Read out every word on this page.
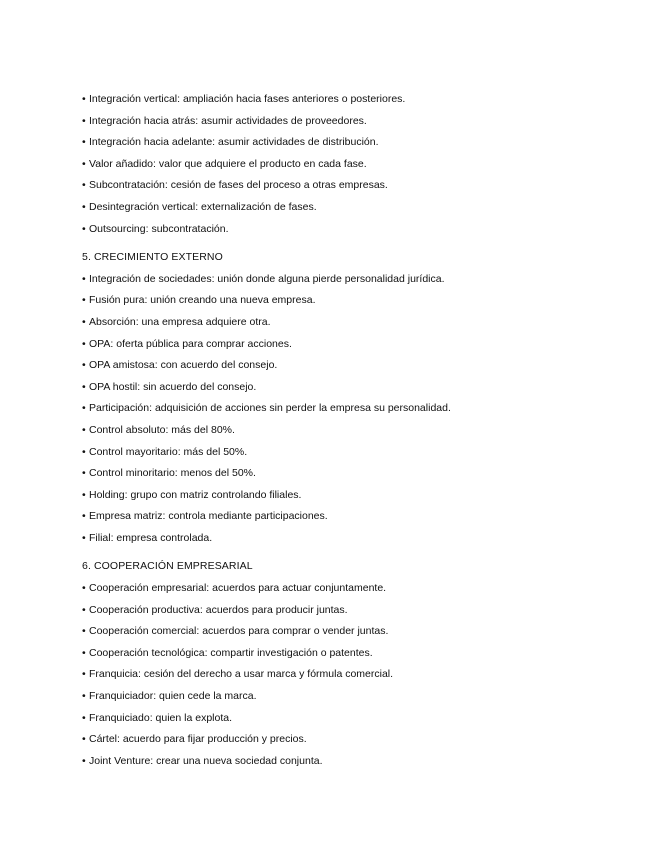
• Integración vertical: ampliación hacia fases anteriores o posteriores.
• Integración hacia atrás: asumir actividades de proveedores.
• Integración hacia adelante: asumir actividades de distribución.
• Valor añadido: valor que adquiere el producto en cada fase.
• Subcontratación: cesión de fases del proceso a otras empresas.
• Desintegración vertical: externalización de fases.
• Outsourcing: subcontratación.
5. CRECIMIENTO EXTERNO
• Integración de sociedades: unión donde alguna pierde personalidad jurídica.
• Fusión pura: unión creando una nueva empresa.
• Absorción: una empresa adquiere otra.
• OPA: oferta pública para comprar acciones.
• OPA amistosa: con acuerdo del consejo.
• OPA hostil: sin acuerdo del consejo.
• Participación: adquisición de acciones sin perder la empresa su personalidad.
• Control absoluto: más del 80%.
• Control mayoritario: más del 50%.
• Control minoritario: menos del 50%.
• Holding: grupo con matriz controlando filiales.
• Empresa matriz: controla mediante participaciones.
• Filial: empresa controlada.
6. COOPERACIÓN EMPRESARIAL
• Cooperación empresarial: acuerdos para actuar conjuntamente.
• Cooperación productiva: acuerdos para producir juntas.
• Cooperación comercial: acuerdos para comprar o vender juntas.
• Cooperación tecnológica: compartir investigación o patentes.
• Franquicia: cesión del derecho a usar marca y fórmula comercial.
• Franquiciador: quien cede la marca.
• Franquiciado: quien la explota.
• Cártel: acuerdo para fijar producción y precios.
• Joint Venture: crear una nueva sociedad conjunta.
